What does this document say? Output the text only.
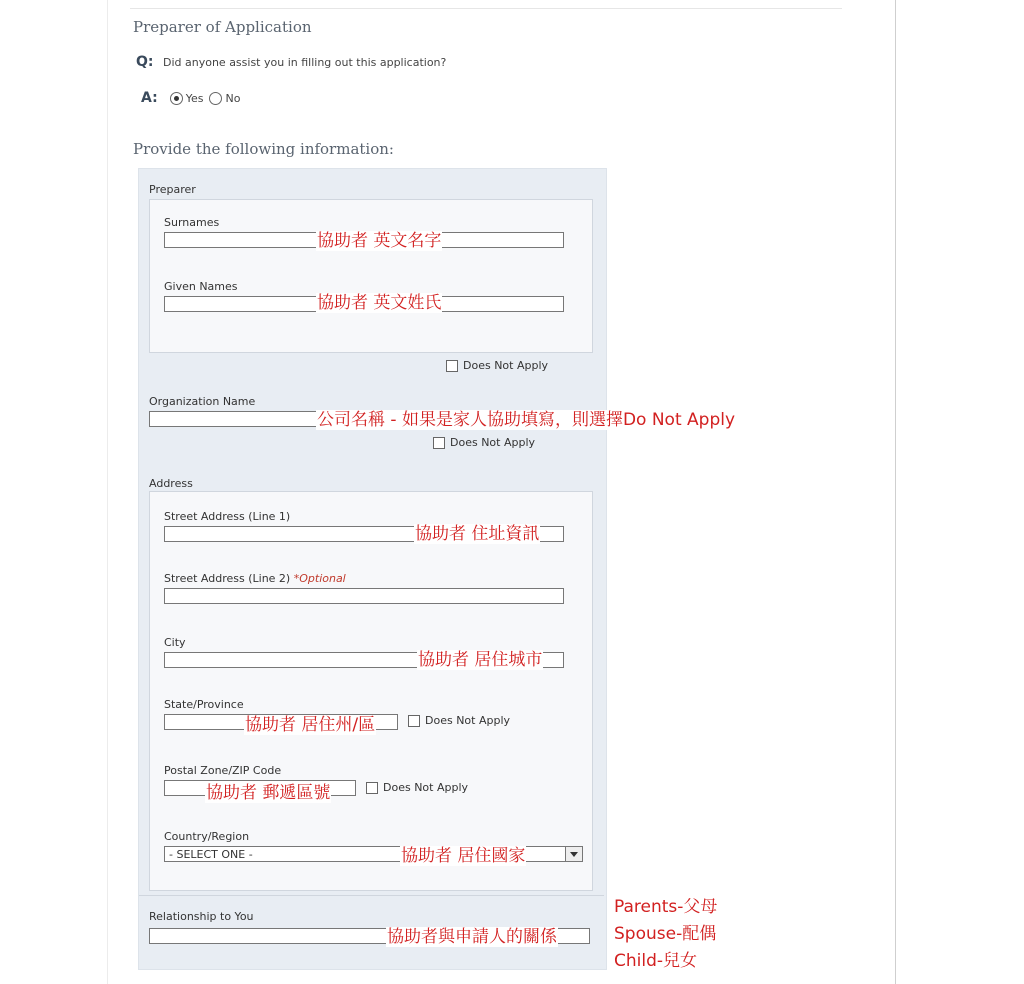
Preparer of Application
Q: Did anyone assist you in filling out this application?
A:	Yes No
Provide the following information:
Preparer
Surnames
Given Names
Does Not Apply
Organization Name
Does Not Apply
Address
Street Address (Line 1)
Street Address (Line 2) *Optional
City
State/Province
Does Not Apply
Postal Zone/ZIP Code
Does Not Apply
Country/Region
- SELECT ONE -
Relationship to You
協助者 英文名字
協助者 英文姓氏
公司名稱 - 如果是家人協助填寫，則選擇Do Not Apply
協助者 住址資訊
協助者 居住城市
協助者 居住州/區
協助者 郵遞區號
協助者 居住國家
協助者與申請人的關係
Parents-父母
Spouse-配偶
Child-兒女
